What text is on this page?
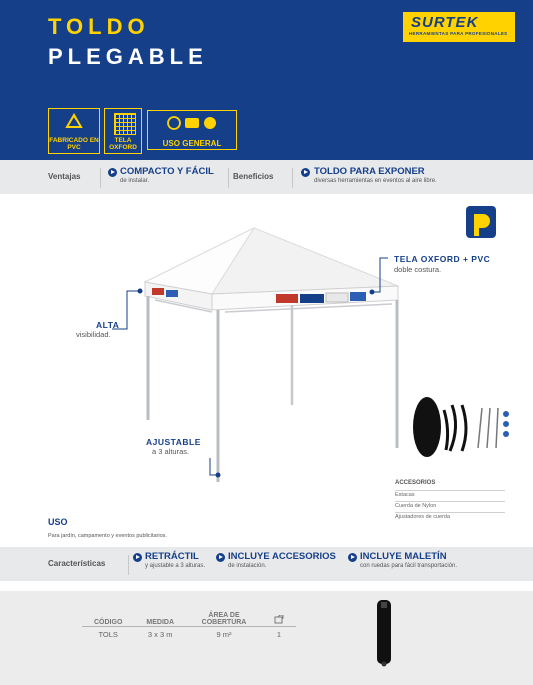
TOLDO
PLEGABLE
SURTEK
HERRAMIENTAS PARA PROFESIONALES
FABRICADO EN PVC
TELA OXFORD	USO GENERAL
Ventajas	COMPACTO Y FÁCIL
de instalar.	Beneficios	TOLDO PARA EXPONER
diversas herramientas en eventos al aire libre.
ALTA
visibilidad.
TELA OXFORD + PVC
doble costura.
AJUSTABLE
a 3 alturas.
ACCESORIOS
Estacas
Cuerda de Nylon
Ajustadores de cuerda
USO
Para jardín, campamento y eventos publicitarios.
Características
RETRÁCTIL
y ajustable a 3 alturas.
INCLUYE ACCESORIOS
de instalación.
INCLUYE MALETÍN
con ruedas para fácil transportación.
CÓDIGO	MEDIDA	ÁREA DE COBERTURA	
TOLS	3 x 3 m	9 m²	1
